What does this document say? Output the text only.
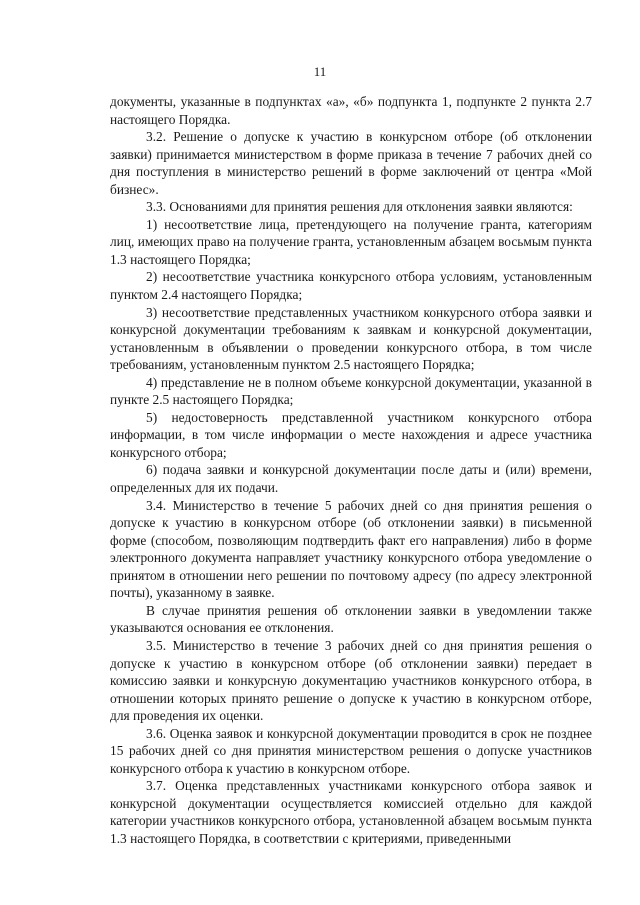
11

документы, указанные в подпунктах «а», «б» подпункта 1, подпункте 2 пункта 2.7 настоящего Порядка.

3.2. Решение о допуске к участию в конкурсном отборе (об отклонении заявки) принимается министерством в форме приказа в течение 7 рабочих дней со дня поступления в министерство решений в форме заключений от центра «Мой бизнес».

3.3. Основаниями для принятия решения для отклонения заявки являются:

1) несоответствие лица, претендующего на получение гранта, категориям лиц, имеющих право на получение гранта, установленным абзацем восьмым пункта 1.3 настоящего Порядка;

2) несоответствие участника конкурсного отбора условиям, установленным пунктом 2.4 настоящего Порядка;

3) несоответствие представленных участником конкурсного отбора заявки и конкурсной документации требованиям к заявкам и конкурсной документации, установленным в объявлении о проведении конкурсного отбора, в том числе требованиям, установленным пунктом 2.5 настоящего Порядка;

4) представление не в полном объеме конкурсной документации, указанной в пункте 2.5 настоящего Порядка;

5) недостоверность представленной участником конкурсного отбора информации, в том числе информации о месте нахождения и адресе участника конкурсного отбора;

6) подача заявки и конкурсной документации после даты и (или) времени, определенных для их подачи.

3.4. Министерство в течение 5 рабочих дней со дня принятия решения о допуске к участию в конкурсном отборе (об отклонении заявки) в письменной форме (способом, позволяющим подтвердить факт его направления) либо в форме электронного документа направляет участнику конкурсного отбора уведомление о принятом в отношении него решении по почтовому адресу (по адресу электронной почты), указанному в заявке.

В случае принятия решения об отклонении заявки в уведомлении также указываются основания ее отклонения.

3.5. Министерство в течение 3 рабочих дней со дня принятия решения о допуске к участию в конкурсном отборе (об отклонении заявки) передает в комиссию заявки и конкурсную документацию участников конкурсного отбора, в отношении которых принято решение о допуске к участию в конкурсном отборе, для проведения их оценки.

3.6. Оценка заявок и конкурсной документации проводится в срок не позднее 15 рабочих дней со дня принятия министерством решения о допуске участников конкурсного отбора к участию в конкурсном отборе.

3.7. Оценка представленных участниками конкурсного отбора заявок и конкурсной документации осуществляется комиссией отдельно для каждой категории участников конкурсного отбора, установленной абзацем восьмым пункта 1.3 настоящего Порядка, в соответствии с критериями, приведенными
